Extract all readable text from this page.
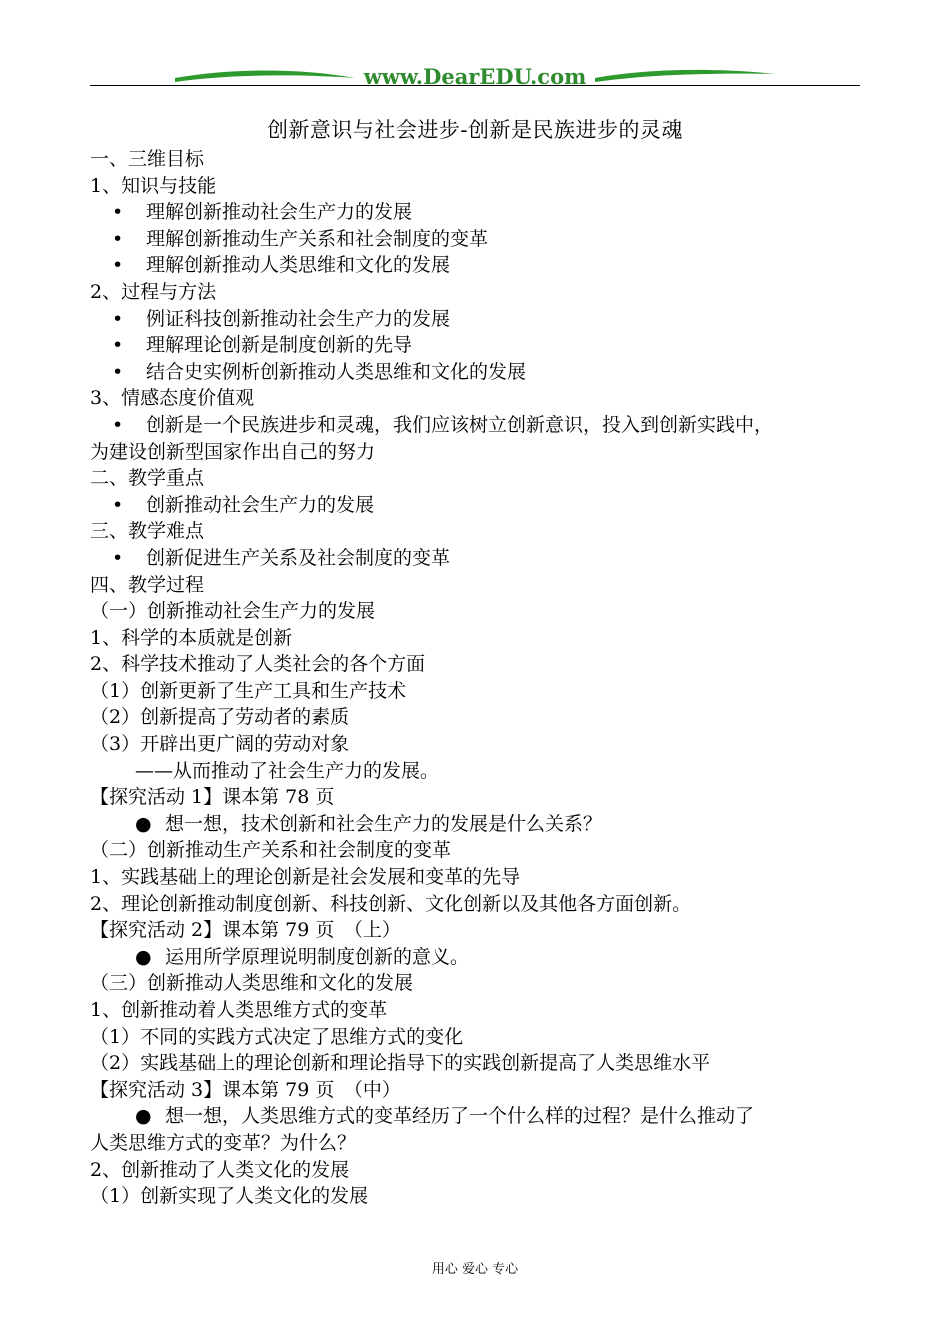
www.DearEDU.com
创新意识与社会进步-创新是民族进步的灵魂
一、三维目标
1、知识与技能
• 理解创新推动社会生产力的发展
• 理解创新推动生产关系和社会制度的变革
• 理解创新推动人类思维和文化的发展
2、过程与方法
• 例证科技创新推动社会生产力的发展
• 理解理论创新是制度创新的先导
• 结合史实例析创新推动人类思维和文化的发展
3、情感态度价值观
• 创新是一个民族进步和灵魂，我们应该树立创新意识，投入到创新实践中，
为建设创新型国家作出自己的努力
二、教学重点
• 创新推动社会生产力的发展
三、教学难点
• 创新促进生产关系及社会制度的变革
四、教学过程
（一）创新推动社会生产力的发展
1、科学的本质就是创新
2、科学技术推动了人类社会的各个方面
（1）创新更新了生产工具和生产技术
（2）创新提高了劳动者的素质
（3）开辟出更广阔的劳动对象
——从而推动了社会生产力的发展。
【探究活动 1】课本第 78 页
● 想一想，技术创新和社会生产力的发展是什么关系？
（二）创新推动生产关系和社会制度的变革
1、实践基础上的理论创新是社会发展和变革的先导
2、理论创新推动制度创新、科技创新、文化创新以及其他各方面创新。
【探究活动 2】课本第 79 页　（上）
● 运用所学原理说明制度创新的意义。
（三）创新推动人类思维和文化的发展
1、创新推动着人类思维方式的变革
（1）不同的实践方式决定了思维方式的变化
（2）实践基础上的理论创新和理论指导下的实践创新提高了人类思维水平
【探究活动 3】课本第 79 页　（中）
● 想一想，人类思维方式的变革经历了一个什么样的过程？是什么推动了
人类思维方式的变革？为什么？
2、创新推动了人类文化的发展
（1）创新实现了人类文化的发展
用心 爱心 专心
